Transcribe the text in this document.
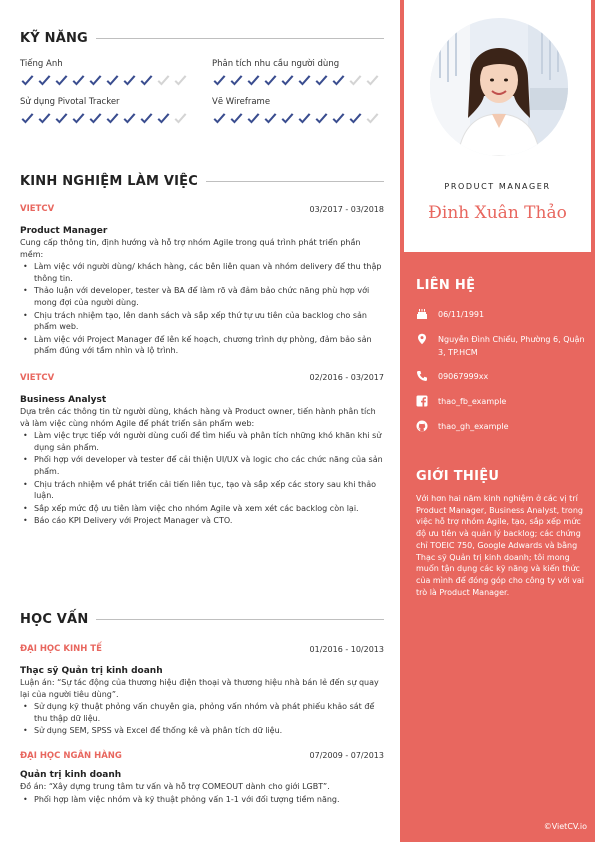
KỸ NĂNG
Tiếng Anh	Phân tích nhu cầu người dùng
Sử dụng Pivotal Tracker	Vẽ Wireframe
KINH NGHIỆM LÀM VIỆC
VIETCV	03/2017 - 03/2018
Product Manager
Cung cấp thông tin, định hướng và hỗ trợ nhóm Agile trong quá trình phát triển phần mềm:
• Làm việc với người dùng/ khách hàng, các bên liên quan và nhóm delivery để thu thập thông tin.
• Thảo luận với developer, tester và BA để làm rõ và đảm bảo chức năng phù hợp với mong đợi của người dùng.
• Chịu trách nhiệm tạo, lên danh sách và sắp xếp thứ tự ưu tiên của backlog cho sản phẩm web.
• Làm việc với Project Manager để lên kế hoạch, chương trình dự phòng, đảm bảo sản phẩm đúng với tầm nhìn và lộ trình.
VIETCV	02/2016 - 03/2017
Business Analyst
Dựa trên các thông tin từ người dùng, khách hàng và Product owner, tiến hành phân tích và làm việc cùng nhóm Agile để phát triển sản phẩm web:
• Làm việc trực tiếp với người dùng cuối để tìm hiểu và phân tích những khó khăn khi sử dụng sản phẩm.
• Phối hợp với developer và tester để cải thiện UI/UX và logic cho các chức năng của sản phẩm.
• Chịu trách nhiệm về phát triển cải tiến liên tục, tạo và sắp xếp các story sau khi thảo luận.
• Sắp xếp mức độ ưu tiên làm việc cho nhóm Agile và xem xét các backlog còn lại.
• Báo cáo KPI Delivery với Project Manager và CTO.
HỌC VẤN
ĐẠI HỌC KINH TẾ	01/2016 - 10/2013
Thạc sỹ Quản trị kinh doanh
Luận án: “Sự tác động của thương hiệu điện thoại và thương hiệu nhà bán lẻ đến sự quay lại của người tiêu dùng”.
• Sử dụng kỹ thuật phỏng vấn chuyên gia, phỏng vấn nhóm và phát phiếu khảo sát để thu thập dữ liệu.
• Sử dụng SEM, SPSS và Excel để thống kê và phân tích dữ liệu.
ĐẠI HỌC NGÂN HÀNG	07/2009 - 07/2013
Quản trị kinh doanh
Đồ án: “Xây dựng trung tâm tư vấn và hỗ trợ COMEOUT dành cho giới LGBT”.
• Phối hợp làm việc nhóm và kỹ thuật phỏng vấn 1-1 với đối tượng tiềm năng.
PRODUCT MANAGER
Đinh Xuân Thảo
LIÊN HỆ
06/11/1991
Nguyễn Đình Chiểu, Phường 6, Quận 3, TP.HCM
09067999xx
thao_fb_example
thao_gh_example
GIỚI THIỆU
Với hơn hai năm kinh nghiệm ở các vị trí Product Manager, Business Analyst, trong việc hỗ trợ nhóm Agile, tạo, sắp xếp mức độ ưu tiên và quản lý backlog; các chứng chỉ TOEIC 750, Google Adwards và bằng Thạc sỹ Quản trị kinh doanh; tôi mong muốn tận dụng các kỹ năng và kiến thức của mình để đóng góp cho công ty với vai trò là Product Manager.
©VietCV.io
